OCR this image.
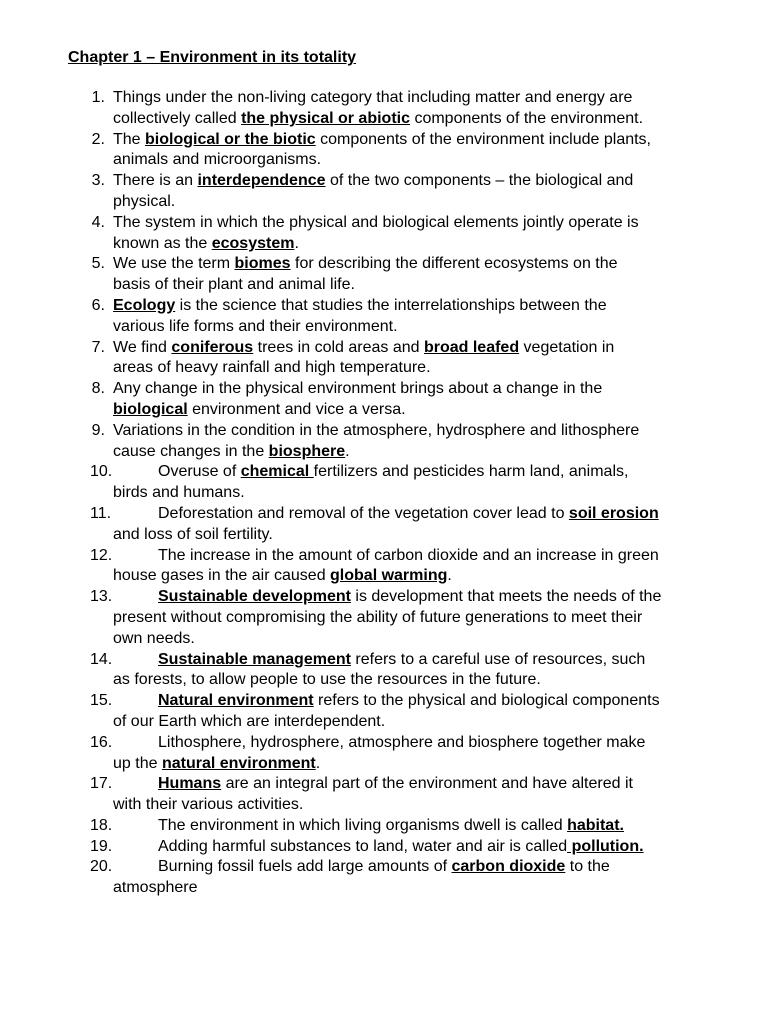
Chapter 1 – Environment in its totality
1. Things under the non-living category that including matter and energy are
collectively called the physical or abiotic components of the environment.
2. The biological or the biotic components of the environment include plants,
animals and microorganisms.
3. There is an interdependence of the two components – the biological and
physical.
4. The system in which the physical and biological elements jointly operate is
known as the ecosystem.
5. We use the term biomes for describing the different ecosystems on the
basis of their plant and animal life.
6. Ecology is the science that studies the interrelationships between the
various life forms and their environment.
7. We find coniferous trees in cold areas and broad leafed vegetation in
areas of heavy rainfall and high temperature.
8. Any change in the physical environment brings about a change in the
biological environment and vice a versa.
9. Variations in the condition in the atmosphere, hydrosphere and lithosphere
cause changes in the biosphere.
10.	Overuse of chemical fertilizers and pesticides harm land, animals,
birds and humans.
11.	Deforestation and removal of the vegetation cover lead to soil erosion
and loss of soil fertility.
12.	The increase in the amount of carbon dioxide and an increase in green
house gases in the air caused global warming.
13.	Sustainable development is development that meets the needs of the
present without compromising the ability of future generations to meet their
own needs.
14.	Sustainable management refers to a careful use of resources, such
as forests, to allow people to use the resources in the future.
15.	Natural environment refers to the physical and biological components
of our Earth which are interdependent.
16.	Lithosphere, hydrosphere, atmosphere and biosphere together make
up the natural environment.
17.	Humans are an integral part of the environment and have altered it
with their various activities.
18.	The environment in which living organisms dwell is called habitat.
19.	Adding harmful substances to land, water and air is called pollution.
20.	Burning fossil fuels add large amounts of carbon dioxide to the
atmosphere
